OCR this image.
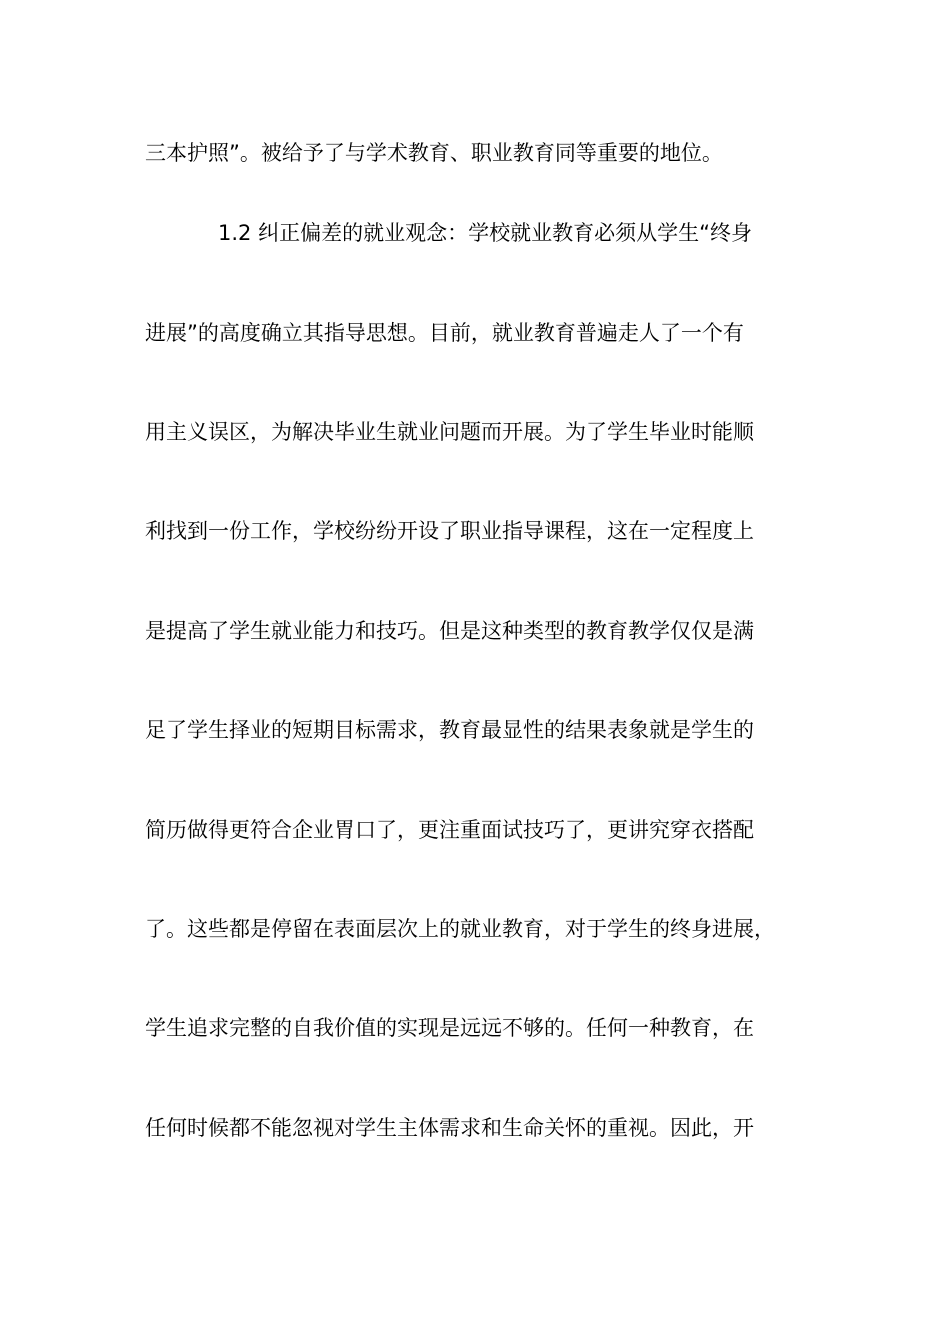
三本护照”。被给予了与学术教育、职业教育同等重要的地位。
1.2 纠正偏差的就业观念：学校就业教育必须从学生“终身
进展”的高度确立其指导思想。目前，就业教育普遍走人了一个有
用主义误区，为解决毕业生就业问题而开展。为了学生毕业时能顺
利找到一份工作，学校纷纷开设了职业指导课程，这在一定程度上
是提高了学生就业能力和技巧。但是这种类型的教育教学仅仅是满
足了学生择业的短期目标需求，教育最显性的结果表象就是学生的
简历做得更符合企业胃口了，更注重面试技巧了，更讲究穿衣搭配
了。这些都是停留在表面层次上的就业教育，对于学生的终身进展，
学生追求完整的自我价值的实现是远远不够的。任何一种教育，在
任何时候都不能忽视对学生主体需求和生命关怀的重视。因此，开
